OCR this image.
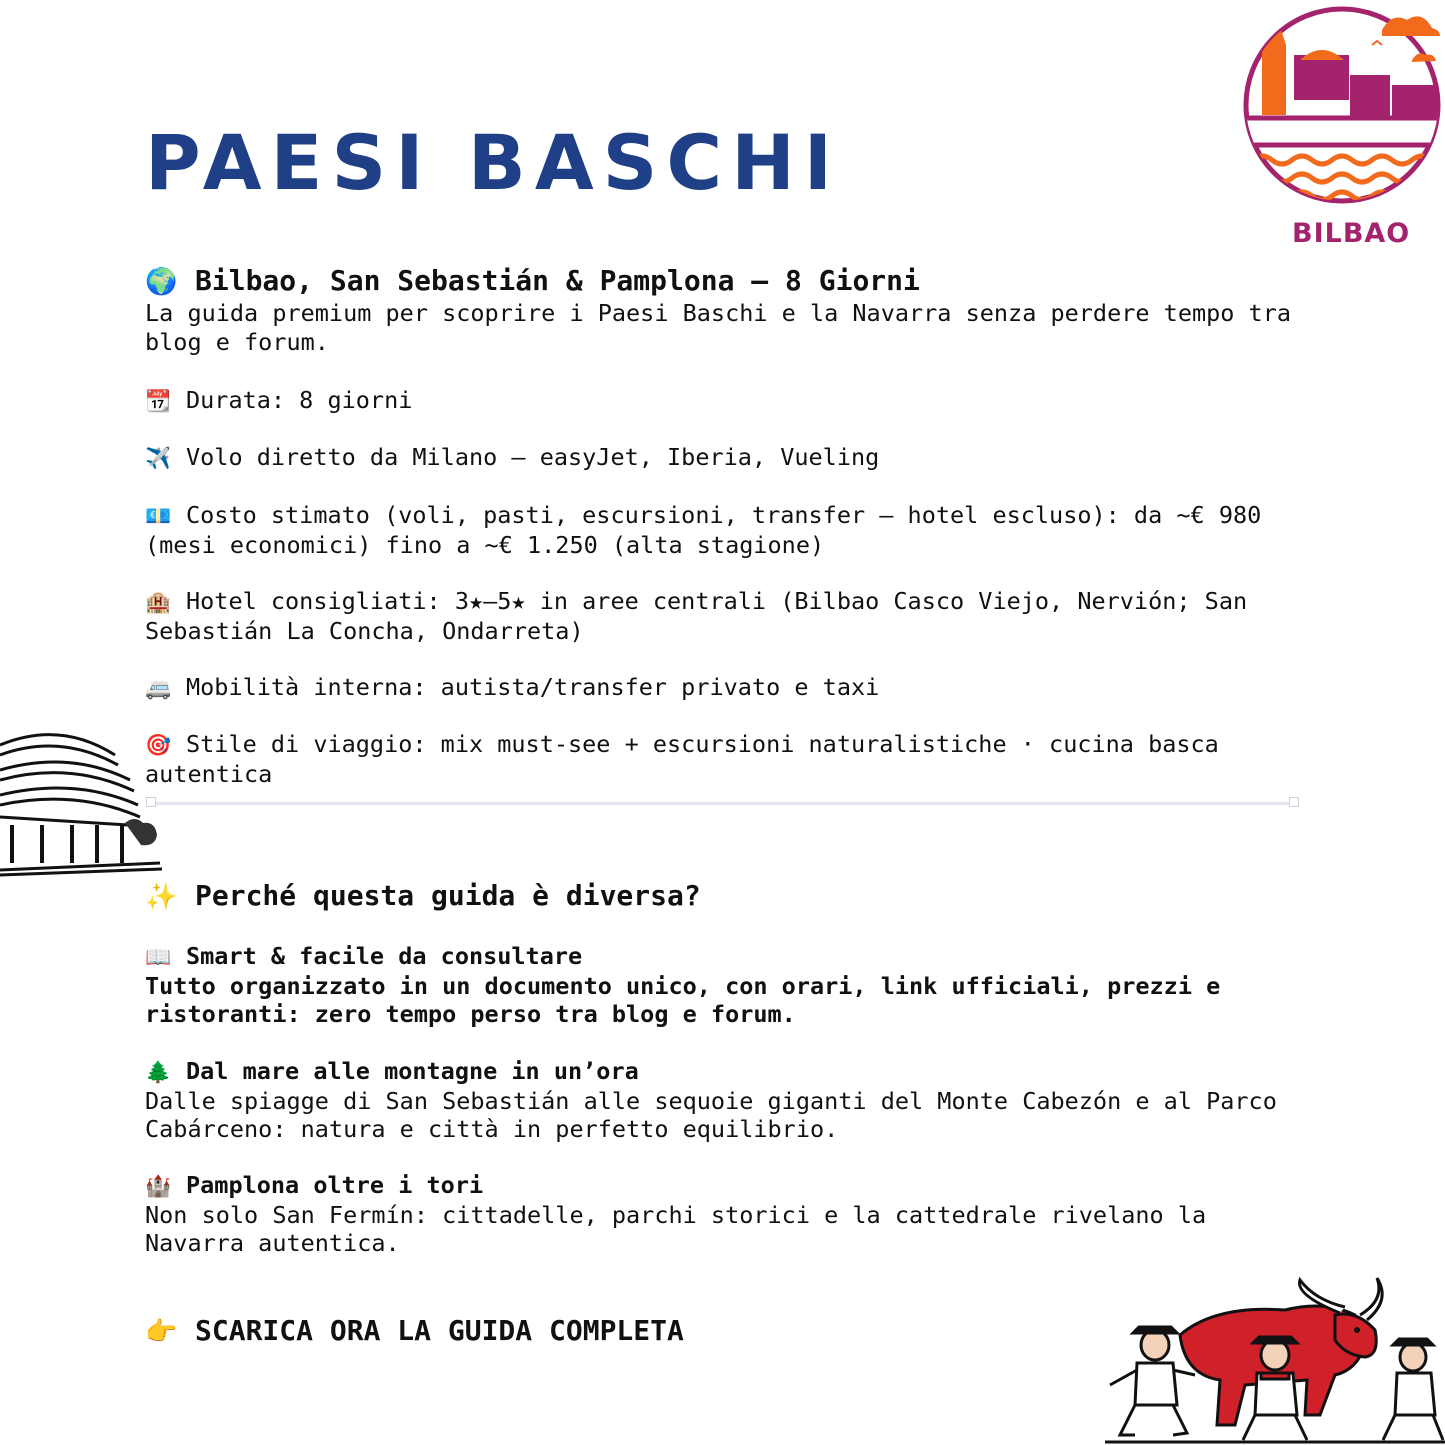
PAESI BASCHI
BILBAO
🌍 Bilbao, San Sebastián & Pamplona – 8 Giorni
La guida premium per scoprire i Paesi Baschi e la Navarra senza perdere tempo tra blog e forum.
📆 Durata: 8 giorni
✈️ Volo diretto da Milano – easyJet, Iberia, Vueling
💶 Costo stimato (voli, pasti, escursioni, transfer – hotel escluso): da ~€ 980 (mesi economici) fino a ~€ 1.250 (alta stagione)
🏨 Hotel consigliati: 3★–5★ in aree centrali (Bilbao Casco Viejo, Nervión; San Sebastián La Concha, Ondarreta)
🚐 Mobilità interna: autista/transfer privato e taxi
🎯 Stile di viaggio: mix must-see + escursioni naturalistiche · cucina basca autentica
✨ Perché questa guida è diversa?
📖 Smart & facile da consultare
Tutto organizzato in un documento unico, con orari, link ufficiali, prezzi e ristoranti: zero tempo perso tra blog e forum.
🌲 Dal mare alle montagne in un’ora
Dalle spiagge di San Sebastián alle sequoie giganti del Monte Cabezón e al Parco Cabárceno: natura e città in perfetto equilibrio.
🏰 Pamplona oltre i tori
Non solo San Fermín: cittadelle, parchi storici e la cattedrale rivelano la Navarra autentica.
👉 SCARICA ORA LA GUIDA COMPLETA
